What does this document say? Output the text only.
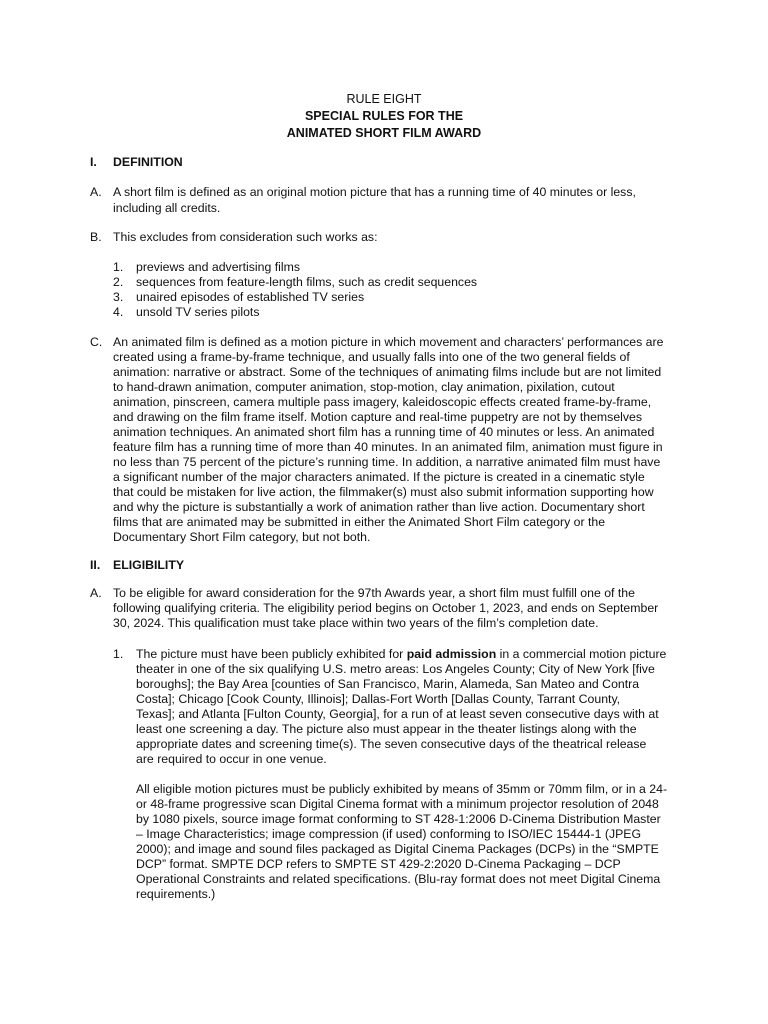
RULE EIGHT
SPECIAL RULES FOR THE
ANIMATED SHORT FILM AWARD
I. DEFINITION
A. A short film is defined as an original motion picture that has a running time of 40 minutes or less,
including all credits.
B. This excludes from consideration such works as:
1. previews and advertising films
2. sequences from feature-length films, such as credit sequences
3. unaired episodes of established TV series
4. unsold TV series pilots
C. An animated film is defined as a motion picture in which movement and characters’ performances are
created using a frame-by-frame technique, and usually falls into one of the two general fields of
animation: narrative or abstract. Some of the techniques of animating films include but are not limited
to hand-drawn animation, computer animation, stop-motion, clay animation, pixilation, cutout
animation, pinscreen, camera multiple pass imagery, kaleidoscopic effects created frame-by-frame,
and drawing on the film frame itself. Motion capture and real-time puppetry are not by themselves
animation techniques. An animated short film has a running time of 40 minutes or less. An animated
feature film has a running time of more than 40 minutes. In an animated film, animation must figure in
no less than 75 percent of the picture’s running time. In addition, a narrative animated film must have
a significant number of the major characters animated. If the picture is created in a cinematic style
that could be mistaken for live action, the filmmaker(s) must also submit information supporting how
and why the picture is substantially a work of animation rather than live action. Documentary short
films that are animated may be submitted in either the Animated Short Film category or the
Documentary Short Film category, but not both.
II. ELIGIBILITY
A. To be eligible for award consideration for the 97th Awards year, a short film must fulfill one of the
following qualifying criteria. The eligibility period begins on October 1, 2023, and ends on September
30, 2024. This qualification must take place within two years of the film’s completion date.
1. The picture must have been publicly exhibited for paid admission in a commercial motion picture
theater in one of the six qualifying U.S. metro areas: Los Angeles County; City of New York [five
boroughs]; the Bay Area [counties of San Francisco, Marin, Alameda, San Mateo and Contra
Costa]; Chicago [Cook County, Illinois]; Dallas-Fort Worth [Dallas County, Tarrant County,
Texas]; and Atlanta [Fulton County, Georgia], for a run of at least seven consecutive days with at
least one screening a day. The picture also must appear in the theater listings along with the
appropriate dates and screening time(s). The seven consecutive days of the theatrical release
are required to occur in one venue.
All eligible motion pictures must be publicly exhibited by means of 35mm or 70mm film, or in a 24-
or 48-frame progressive scan Digital Cinema format with a minimum projector resolution of 2048
by 1080 pixels, source image format conforming to ST 428-1:2006 D-Cinema Distribution Master
– Image Characteristics; image compression (if used) conforming to ISO/IEC 15444-1 (JPEG
2000); and image and sound files packaged as Digital Cinema Packages (DCPs) in the “SMPTE
DCP” format. SMPTE DCP refers to SMPTE ST 429-2:2020 D-Cinema Packaging – DCP
Operational Constraints and related specifications. (Blu-ray format does not meet Digital Cinema
requirements.)
